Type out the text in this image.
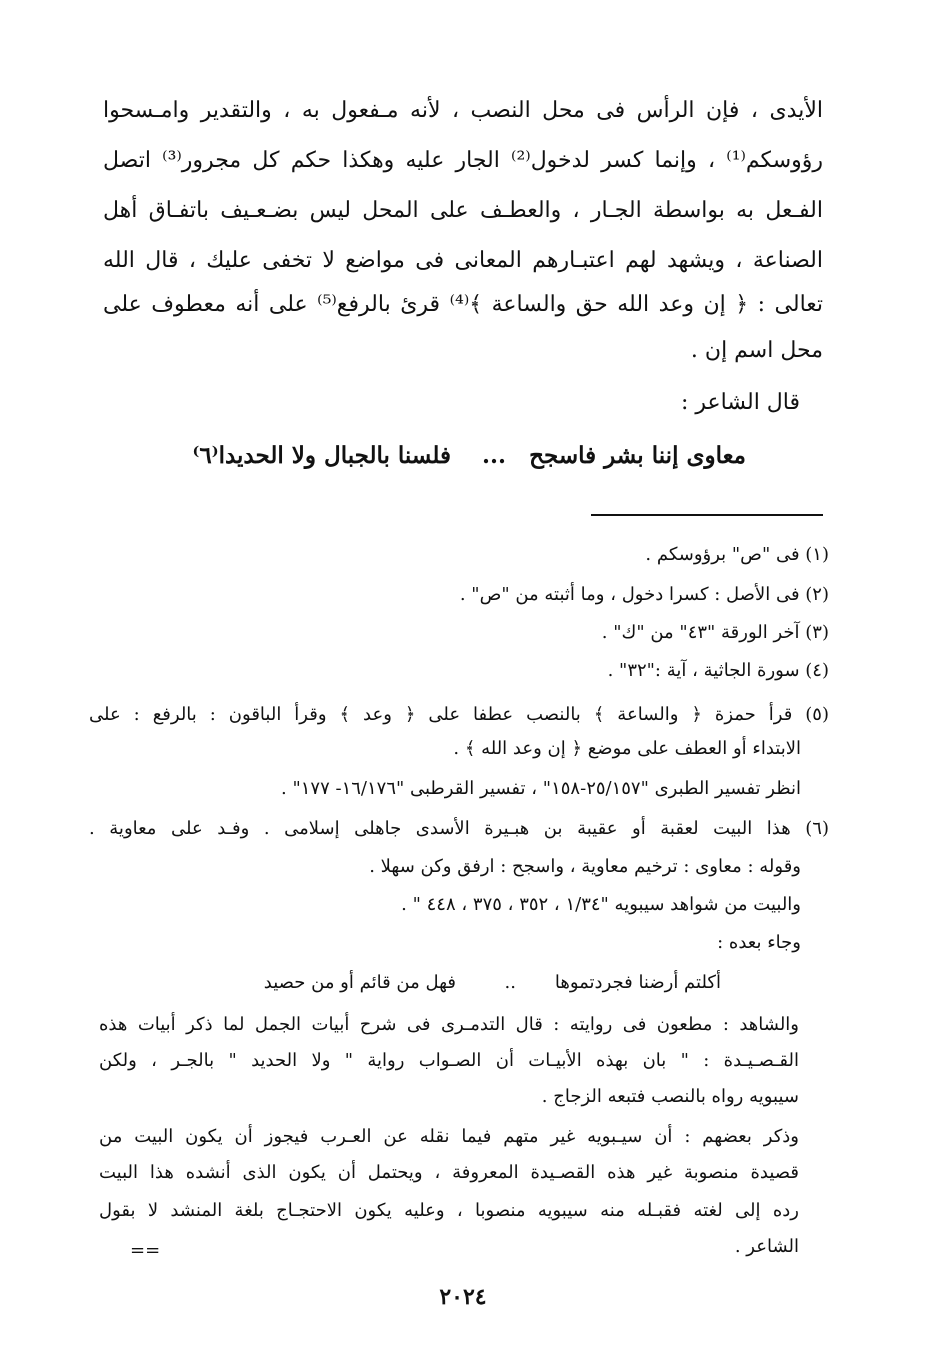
الأيدى ، فإن الرأس فى محل النصب ، لأنه مـفعول به ، والتقدير وامـسحوا
رؤوسكم⁽¹⁾ ، وإنما كسر لدخول⁽²⁾ الجار عليه وهكذا حكم كل مجرور⁽³⁾ اتصل
الفـعل به بواسطة الجـار ، والعطـف على المحل ليس بضـعـيف باتفـاق أهل
الصناعة ، ويشهد لهم اعتبـارهم المعانى فى مواضع لا تخفى عليك ، قال الله
تعالى : ﴿ إن وعد الله حق والساعة ﴾⁽⁴⁾ قرئ بالرفع⁽⁵⁾ على أنه معطوف على
محل اسم إن .
قال الشاعر :
معاوى إننا بشر فاسجح
...
فلسنا بالجبال ولا الحديدا⁽٦⁾
(١) فى "ص" برؤوسكم .
(٢) فى الأصل : كسرا دخول ، وما أثبته من "ص" .
(٣) آخر الورقة "٤٣" من "ك" .
(٤) سورة الجاثية ، آية :"٣٢" .
(٥) قرأ حمزة ﴿ والساعة ﴾ بالنصب عطفا على ﴿ وعد ﴾ وقرأ الباقون : بالرفع : على
الابتداء أو العطف على موضع ﴿ إن وعد الله ﴾ .
انظر تفسير الطبرى "٢٥/١٥٧-١٥٨" ، تفسير القرطبى "١٦/١٧٦- ١٧٧" .
(٦) هذا البيت لعقبة أو عقيبة بن هبـيرة الأسدى جاهلى إسلامى . وفـد على معاوية .
وقوله : معاوى : ترخيم معاوية ، واسجح : ارفق وكن سهلا .
والبيت من شواهد سيبويه "١/٣٤ ، ٣٥٢ ، ٣٧٥ ، ٤٤٨ " .
وجاء بعده :
أكلتم أرضنا فجردتموها
..
فهل من قائم أو من حصيد
والشاهد : مطعون فى روايته : قال التدمـرى فى شرح أبيات الجمل لما ذكر أبيات هذه
القـصـيـدة : " بان بهذه الأبيـات أن الصـواب رواية " ولا الحديد " بالجـر ، ولكن
سيبويه رواه بالنصب فتبعه الزجاج .
وذكر بعضهم : أن سيـبويه غير متهم فيما نقله عن العـرب فيجوز أن يكون البيت من
قصيدة منصوبة غير هذه القصـيدة المعروفة ، ويحتمل أن يكون الذى أنشده هذا البيت
رده إلى لغته فقبـله منه سيبويه منصوبا ، وعليه يكون الاحتجـاج بلغة المنشد لا بقول
الشاعر .
==
٢٠٢٤
